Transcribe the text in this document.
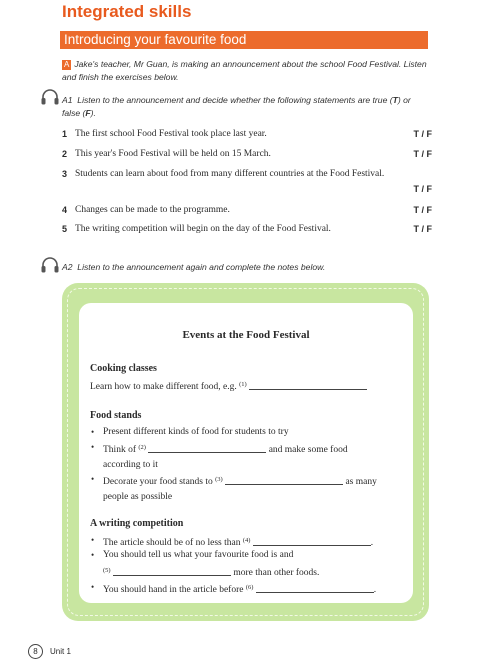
Integrated skills
Introducing your favourite food
A Jake's teacher, Mr Guan, is making an announcement about the school Food Festival. Listen and finish the exercises below.
A1 Listen to the announcement and decide whether the following statements are true (T) or false (F).
1 The first school Food Festival took place last year.	T / F
2 This year's Food Festival will be held on 15 March.	T / F
3 Students can learn about food from many different countries at the Food Festival.
T / F
4 Changes can be made to the programme.	T / F
5 The writing competition will begin on the day of the Food Festival.	T / F
A2 Listen to the announcement again and complete the notes below.
Events at the Food Festival
Cooking classes
Learn how to make different food, e.g. $^{(1)}$
Food stands
• Present different kinds of food for students to try
• Think of $^{(2)}$	and make some food
according to it
• Decorate your food stands to $^{(3)}$	as many
people as possible
A writing competition
• The article should be of no less than $^{(4)}$	.
• You should tell us what your favourite food is and
$^{(5)}$	more than other foods.
• You should hand in the article before $^{(6)}$	.
8	Unit 1
